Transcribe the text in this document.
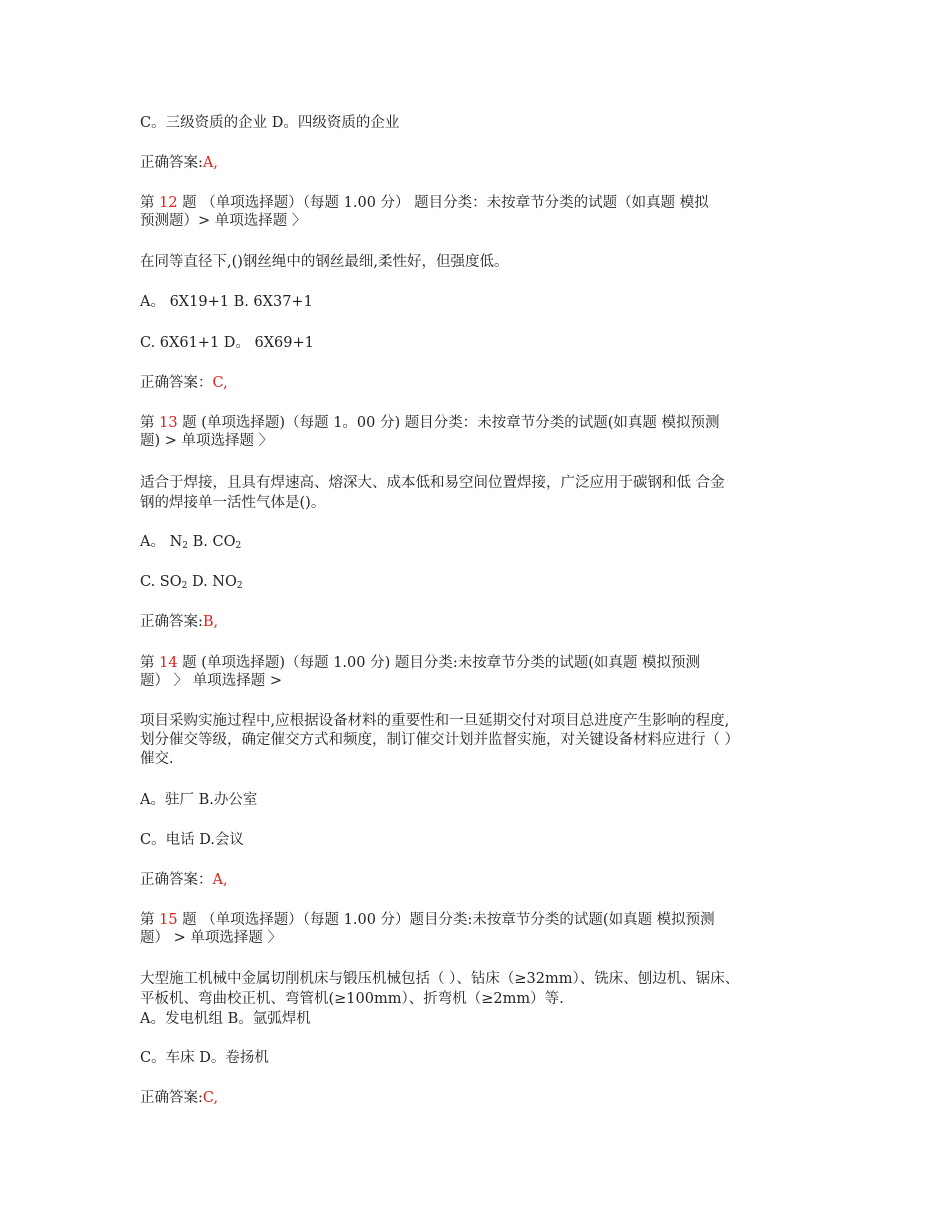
C。三级资质的企业 D。四级资质的企业
正确答案:A,
第 12 题 （单项选择题）（每题 1.00 分） 题目分类：未按章节分类的试题（如真题 模拟
预测题）> 单项选择题 〉
在同等直径下,()钢丝绳中的钢丝最细,柔性好，但强度低。
A。 6X19+1 B. 6X37+1
C. 6X61+1 D。 6X69+1
正确答案：C,
第 13 题 (单项选择题)（每题 1。00 分) 题目分类：未按章节分类的试题(如真题 模拟预测
题) > 单项选择题 〉
适合于焊接，且具有焊速高、熔深大、成本低和易空间位置焊接，广泛应用于碳钢和低 合金
钢的焊接单一活性气体是()。
A。 $N_2$ B. $CO_2$
C. $SO_2$ D. $NO_2$
正确答案:B,
第 14 题 (单项选择题)（每题 1.00 分) 题目分类:未按章节分类的试题(如真题 模拟预测
题） 〉 单项选择题 >
项目采购实施过程中,应根据设备材料的重要性和一旦延期交付对项目总进度产生影响的程度,
划分催交等级，确定催交方式和频度，制订催交计划并监督实施，对关键设备材料应进行（ ）
催交.
A。驻厂 B.办公室
C。电话 D.会议
正确答案：A,
第 15 题 （单项选择题）（每题 1.00 分）题目分类:未按章节分类的试题(如真题 模拟预测
题） > 单项选择题 〉
大型施工机械中金属切削机床与锻压机械包括（ ）、钻床（≥32mm）、铣床、刨边机、锯床、
平板机、弯曲校正机、弯管机(≥100mm）、折弯机（≥2mm）等.
A。发电机组 B。氩弧焊机
C。车床 D。卷扬机
正确答案:C,
